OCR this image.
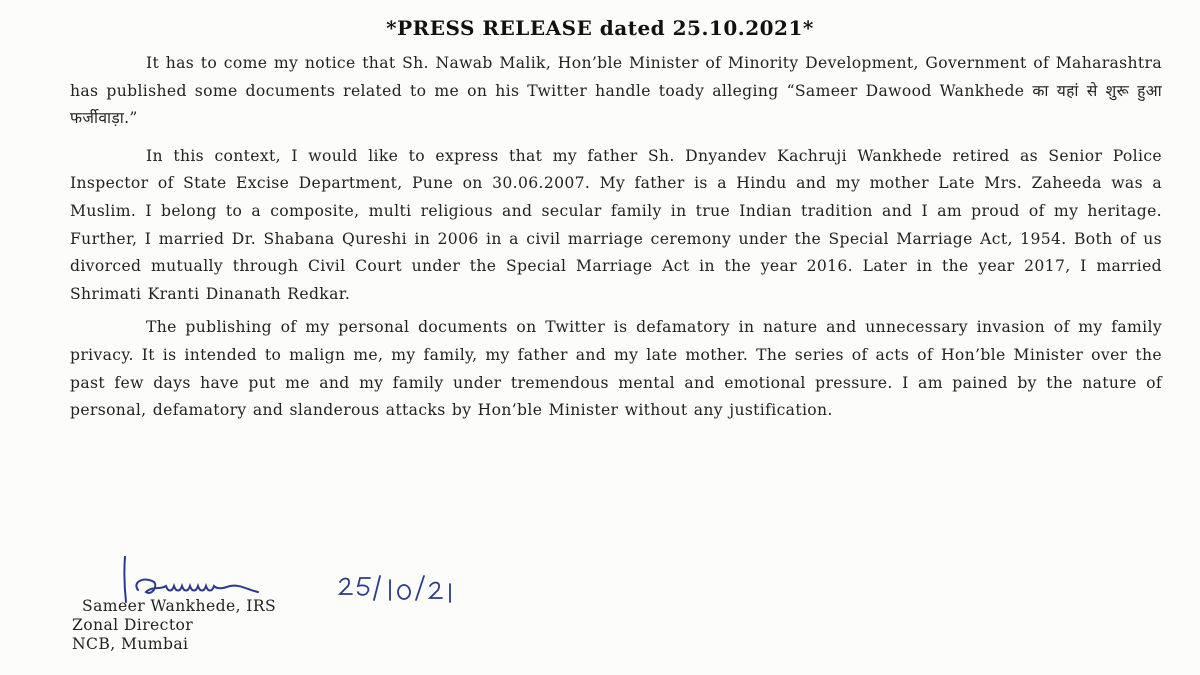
*PRESS RELEASE dated 25.10.2021*

It has to come my notice that Sh. Nawab Malik, Hon’ble Minister of Minority Development, Government of Maharashtra has published some documents related to me on his Twitter handle toady alleging “Sameer Dawood Wankhede का यहां से शुरू हुआ फर्जीवाड़ा.”

In this context, I would like to express that my father Sh. Dnyandev Kachruji Wankhede retired as Senior Police Inspector of State Excise Department, Pune on 30.06.2007. My father is a Hindu and my mother Late Mrs. Zaheeda was a Muslim. I belong to a composite, multi religious and secular family in true Indian tradition and I am proud of my heritage. Further, I married Dr. Shabana Qureshi in 2006 in a civil marriage ceremony under the Special Marriage Act, 1954. Both of us divorced mutually through Civil Court under the Special Marriage Act in the year 2016. Later in the year 2017, I married Shrimati Kranti Dinanath Redkar.

The publishing of my personal documents on Twitter is defamatory in nature and unnecessary invasion of my family privacy. It is intended to malign me, my family, my father and my late mother. The series of acts of Hon’ble Minister over the past few days have put me and my family under tremendous mental and emotional pressure. I am pained by the nature of personal, defamatory and slanderous attacks by Hon’ble Minister without any justification.

Sameer Wankhede, IRS
Zonal Director
NCB, Mumbai
